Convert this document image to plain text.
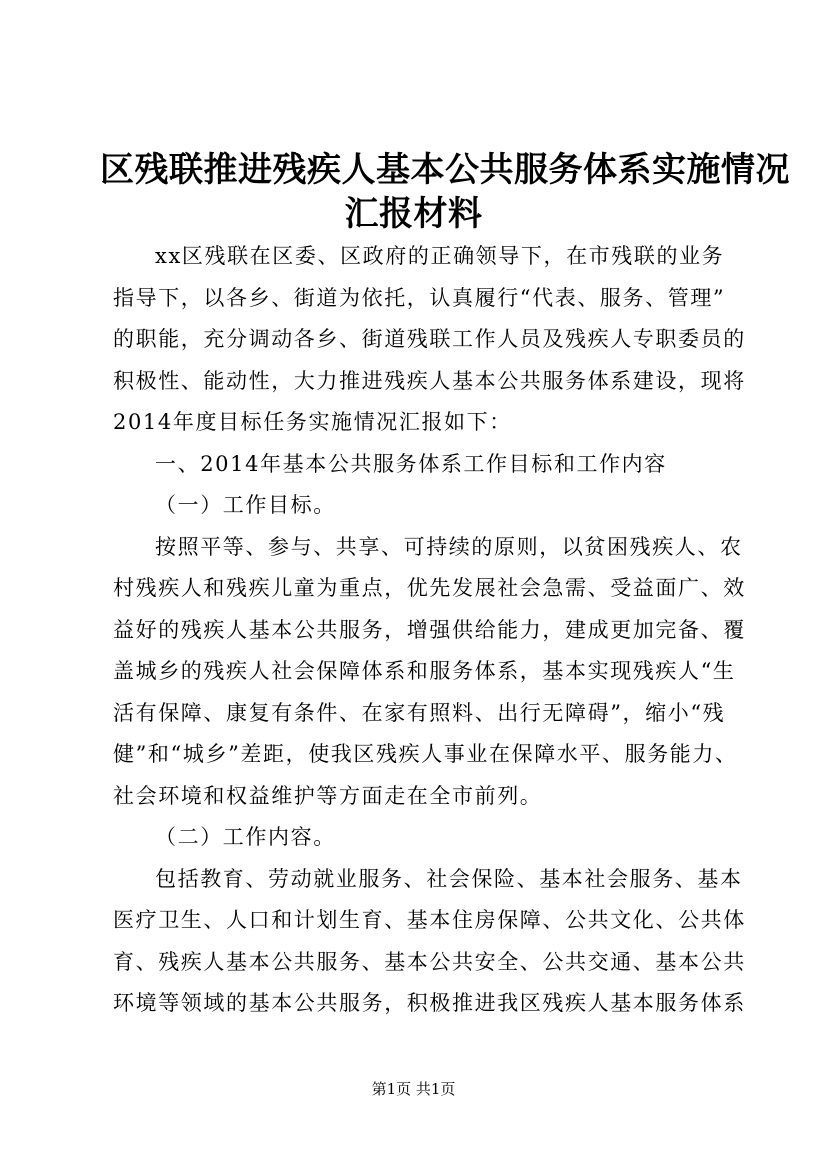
区残联推进残疾人基本公共服务体系实施情况
汇报材料
xx区残联在区委、区政府的正确领导下，在市残联的业务
指导下，以各乡、街道为依托，认真履行“代表、服务、管理”
的职能，充分调动各乡、街道残联工作人员及残疾人专职委员的
积极性、能动性，大力推进残疾人基本公共服务体系建设，现将
2014年度目标任务实施情况汇报如下：
一、2014年基本公共服务体系工作目标和工作内容
（一）工作目标。
按照平等、参与、共享、可持续的原则，以贫困残疾人、农
村残疾人和残疾儿童为重点，优先发展社会急需、受益面广、效
益好的残疾人基本公共服务，增强供给能力，建成更加完备、覆
盖城乡的残疾人社会保障体系和服务体系，基本实现残疾人“生
活有保障、康复有条件、在家有照料、出行无障碍”，缩小“残
健”和“城乡”差距，使我区残疾人事业在保障水平、服务能力、
社会环境和权益维护等方面走在全市前列。
（二）工作内容。
包括教育、劳动就业服务、社会保险、基本社会服务、基本
医疗卫生、人口和计划生育、基本住房保障、公共文化、公共体
育、残疾人基本公共服务、基本公共安全、公共交通、基本公共
环境等领域的基本公共服务，积极推进我区残疾人基本服务体系
第1页 共1页
